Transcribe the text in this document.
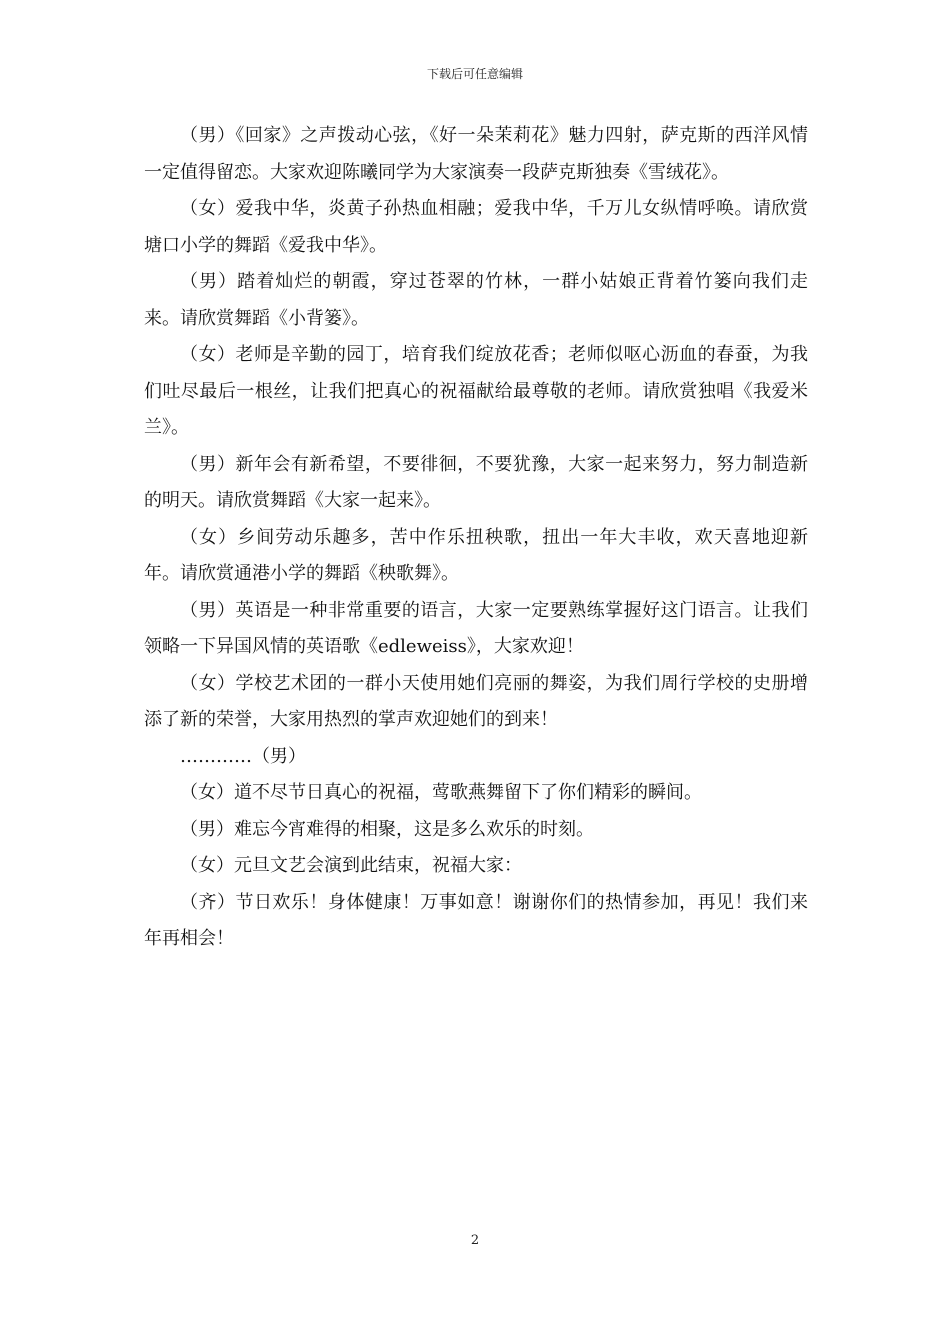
下载后可任意编辑

（男）《回家》之声拨动心弦，《好一朵茉莉花》魅力四射，萨克斯的西洋风情一定值得留恋。大家欢迎陈曦同学为大家演奏一段萨克斯独奏《雪绒花》。

（女）爱我中华，炎黄子孙热血相融；爱我中华，千万儿女纵情呼唤。请欣赏塘口小学的舞蹈《爱我中华》。

（男）踏着灿烂的朝霞，穿过苍翠的竹林，一群小姑娘正背着竹篓向我们走来。请欣赏舞蹈《小背篓》。

（女）老师是辛勤的园丁，培育我们绽放花香；老师似呕心沥血的春蚕，为我们吐尽最后一根丝，让我们把真心的祝福献给最尊敬的老师。请欣赏独唱《我爱米兰》。

（男）新年会有新希望，不要徘徊，不要犹豫，大家一起来努力，努力制造新的明天。请欣赏舞蹈《大家一起来》。

（女）乡间劳动乐趣多，苦中作乐扭秧歌，扭出一年大丰收，欢天喜地迎新年。请欣赏通港小学的舞蹈《秧歌舞》。

（男）英语是一种非常重要的语言，大家一定要熟练掌握好这门语言。让我们领略一下异国风情的英语歌《edleweiss》，大家欢迎！

（女）学校艺术团的一群小天使用她们亮丽的舞姿，为我们周行学校的史册增添了新的荣誉，大家用热烈的掌声欢迎她们的到来！

…………（男）

（女）道不尽节日真心的祝福，莺歌燕舞留下了你们精彩的瞬间。

（男）难忘今宵难得的相聚，这是多么欢乐的时刻。

（女）元旦文艺会演到此结束，祝福大家：

（齐）节日欢乐！身体健康！万事如意！谢谢你们的热情参加，再见！我们来年再相会！

2
